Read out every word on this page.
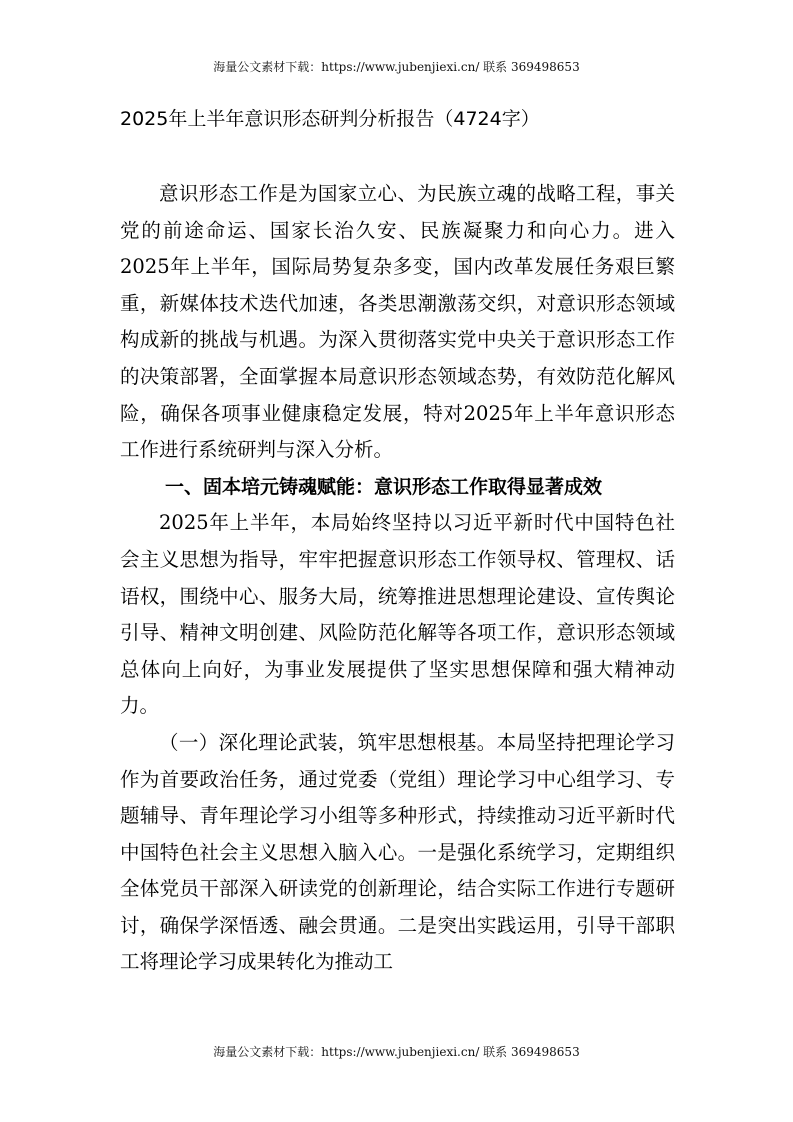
海量公文素材下载：https://www.jubenjiexi.cn/ 联系 369498653
2025年上半年意识形态研判分析报告（4724字）

意识形态工作是为国家立心、为民族立魂的战略工程，事关党的前途命运、国家长治久安、民族凝聚力和向心力。进入2025年上半年，国际局势复杂多变，国内改革发展任务艰巨繁重，新媒体技术迭代加速，各类思潮激荡交织，对意识形态领域构成新的挑战与机遇。为深入贯彻落实党中央关于意识形态工作的决策部署，全面掌握本局意识形态领域态势，有效防范化解风险，确保各项事业健康稳定发展，特对2025年上半年意识形态工作进行系统研判与深入分析。

一、固本培元铸魂赋能：意识形态工作取得显著成效

2025年上半年，本局始终坚持以习近平新时代中国特色社会主义思想为指导，牢牢把握意识形态工作领导权、管理权、话语权，围绕中心、服务大局，统筹推进思想理论建设、宣传舆论引导、精神文明创建、风险防范化解等各项工作，意识形态领域总体向上向好，为事业发展提供了坚实思想保障和强大精神动力。

（一）深化理论武装，筑牢思想根基。本局坚持把理论学习作为首要政治任务，通过党委（党组）理论学习中心组学习、专题辅导、青年理论学习小组等多种形式，持续推动习近平新时代中国特色社会主义思想入脑入心。一是强化系统学习，定期组织全体党员干部深入研读党的创新理论，结合实际工作进行专题研讨，确保学深悟透、融会贯通。二是突出实践运用，引导干部职工将理论学习成果转化为推动工

海量公文素材下载：https://www.jubenjiexi.cn/ 联系 369498653
